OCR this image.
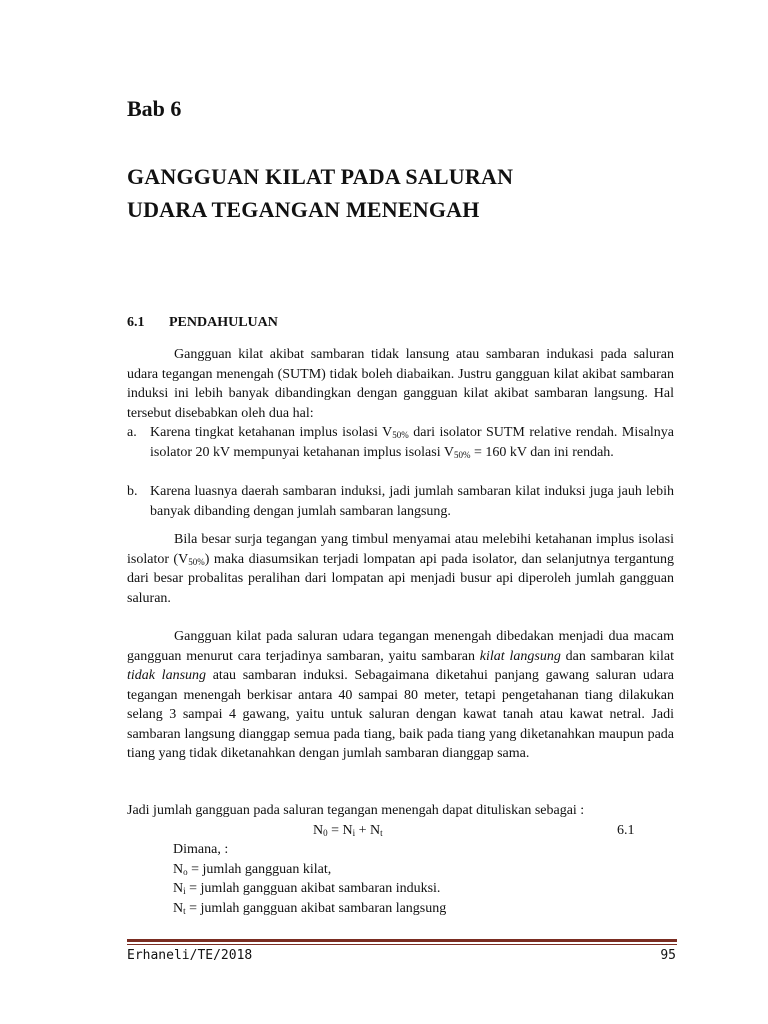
Bab 6
GANGGUAN KILAT PADA SALURAN
UDARA TEGANGAN MENENGAH
6.1 PENDAHULUAN

Gangguan kilat akibat sambaran tidak lansung atau sambaran indukasi pada saluran udara tegangan menengah (SUTM) tidak boleh diabaikan. Justru gangguan kilat akibat sambaran induksi ini lebih banyak dibandingkan dengan gangguan kilat akibat sambaran langsung. Hal tersebut disebabkan oleh dua hal:

a. Karena tingkat ketahanan implus isolasi $V_{50\%}$ dari isolator SUTM relative rendah. Misalnya isolator 20 kV mempunyai ketahanan implus isolasi $V_{50\%} = 160$ kV dan ini rendah.
b. Karena luasnya daerah sambaran induksi, jadi jumlah sambaran kilat induksi juga jauh lebih banyak dibanding dengan jumlah sambaran langsung.

Bila besar surja tegangan yang timbul menyamai atau melebihi ketahanan implus isolasi isolator $(V_{50\%})$ maka diasumsikan terjadi lompatan api pada isolator, dan selanjutnya tergantung dari besar probalitas peralihan dari lompatan api menjadi busur api diperoleh jumlah gangguan saluran.

Gangguan kilat pada saluran udara tegangan menengah dibedakan menjadi dua macam gangguan menurut cara terjadinya sambaran, yaitu sambaran kilat langsung dan sambaran kilat tidak lansung atau sambaran induksi. Sebagaimana diketahui panjang gawang saluran udara tegangan menengah berkisar antara 40 sampai 80 meter, tetapi pengetahanan tiang dilakukan selang 3 sampai 4 gawang, yaitu untuk saluran dengan kawat tanah atau kawat netral. Jadi sambaran langsung dianggap semua pada tiang, baik pada tiang yang diketanahkan maupun pada tiang yang tidak diketanahkan dengan jumlah sambaran dianggap sama.

Jadi jumlah gangguan pada saluran tegangan menengah dapat dituliskan sebagai :

$N_0 = N_i + N_t$	6.1

Dimana, :
$N_o$ = jumlah gangguan kilat,
$N_i$ = jumlah gangguan akibat sambaran induksi.
$N_t$ = jumlah gangguan akibat sambaran langsung

Erhaneli/TE/2018	95
